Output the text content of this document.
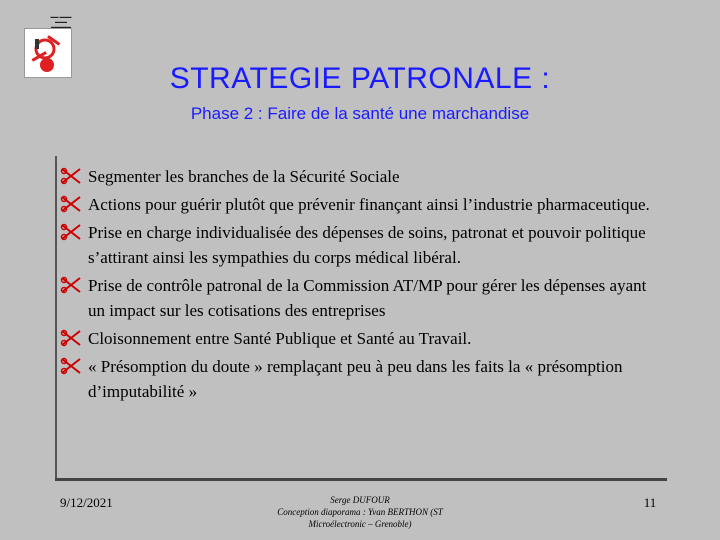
▬▬ ▬▬▬
▬▬▬
▬▬▬▬▬
STRATEGIE PATRONALE :
Phase 2 : Faire de la santé une marchandise
Segmenter les branches de la Sécurité Sociale
Actions pour guérir plutôt que prévenir finançant ainsi l’industrie pharmaceutique.
Prise en charge individualisée des dépenses de soins, patronat et pouvoir politique s’attirant ainsi les sympathies du corps médical libéral.
Prise de contrôle patronal de la Commission AT/MP pour gérer les dépenses ayant un impact sur les cotisations des entreprises
Cloisonnement entre Santé Publique et Santé au Travail.
« Présomption du doute » remplaçant peu à peu dans les faits la « présomption d’imputabilité »
9/12/2021	Serge DUFOUR
Conception diaporama : Yvan BERTHON (ST
Microélectronic – Grenoble)
11
